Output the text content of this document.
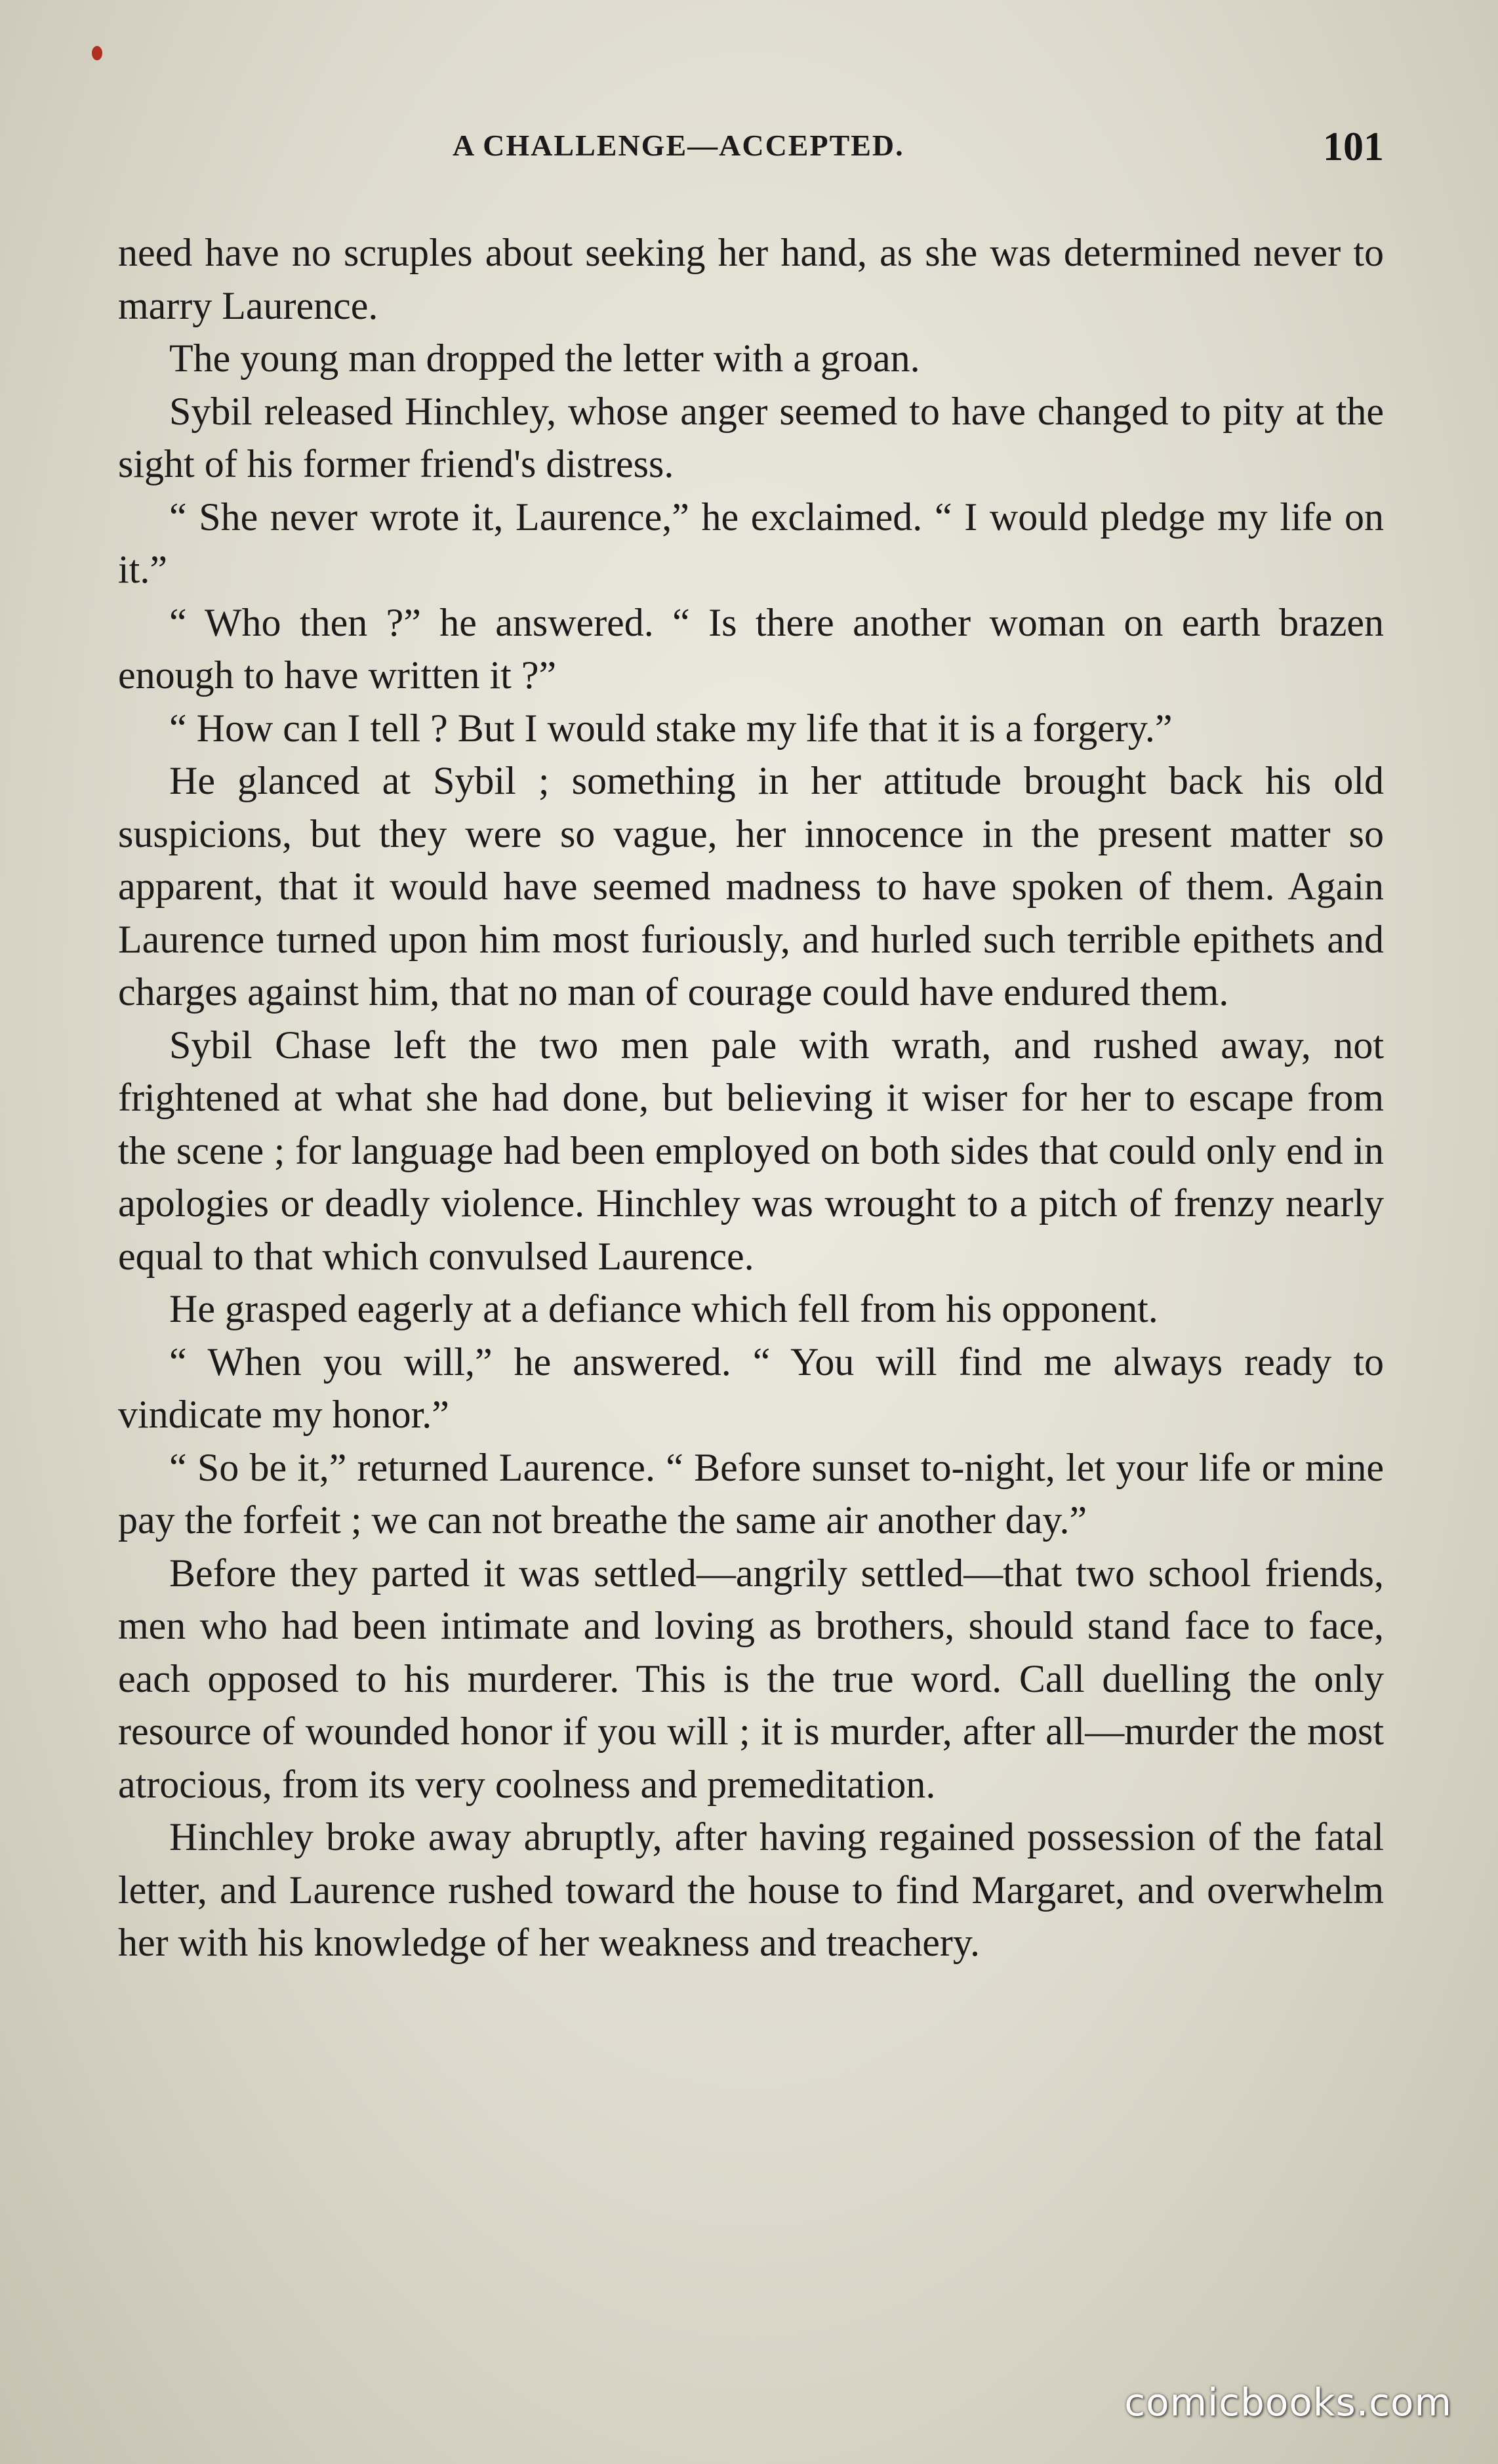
A CHALLENGE—ACCEPTED.	101

need have no scruples about seeking her hand, as she was determined never to marry Laurence.

The young man dropped the letter with a groan.

Sybil released Hinchley, whose anger seemed to have changed to pity at the sight of his former friend's distress.

“ She never wrote it, Laurence,” he exclaimed. “ I would pledge my life on it.”

“ Who then ?” he answered. “ Is there another woman on earth brazen enough to have written it ?”

“ How can I tell ? But I would stake my life that it is a forgery.”

He glanced at Sybil ; something in her attitude brought back his old suspicions, but they were so vague, her innocence in the present matter so apparent, that it would have seemed madness to have spoken of them. Again Laurence turned upon him most furiously, and hurled such terrible epithets and charges against him, that no man of courage could have endured them.

Sybil Chase left the two men pale with wrath, and rushed away, not frightened at what she had done, but believing it wiser for her to escape from the scene ; for language had been employed on both sides that could only end in apologies or deadly violence. Hinchley was wrought to a pitch of frenzy nearly equal to that which convulsed Laurence.

He grasped eagerly at a defiance which fell from his opponent.

“ When you will,” he answered. “ You will find me always ready to vindicate my honor.”

“ So be it,” returned Laurence. “ Before sunset to-night, let your life or mine pay the forfeit ; we can not breathe the same air another day.”

Before they parted it was settled—angrily settled—that two school friends, men who had been intimate and loving as brothers, should stand face to face, each opposed to his murderer. This is the true word. Call duelling the only resource of wounded honor if you will ; it is murder, after all—murder the most atrocious, from its very coolness and premeditation.

Hinchley broke away abruptly, after having regained possession of the fatal letter, and Laurence rushed toward the house to find Margaret, and overwhelm her with his knowledge of her weakness and treachery.

comicbooks.com
